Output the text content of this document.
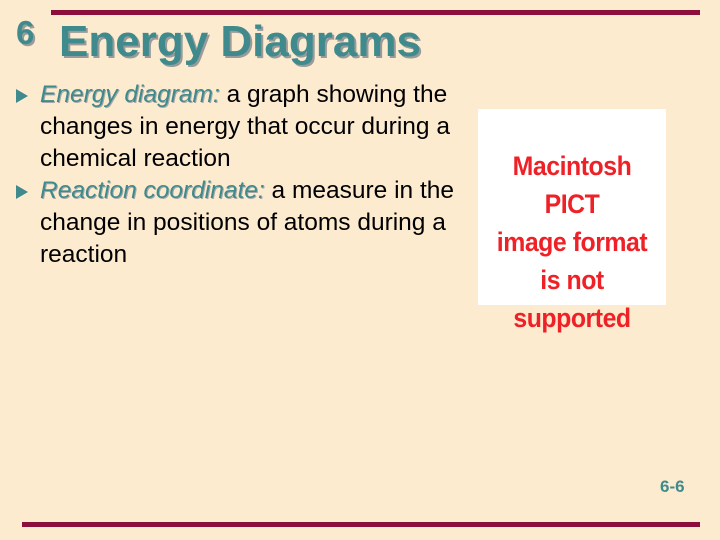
6 Energy Diagrams
Energy diagram: a graph showing the changes in energy that occur during a chemical reaction
Reaction coordinate: a measure in the change in positions of atoms during a reaction
Macintosh PICT
image format
is not supported
6-6
